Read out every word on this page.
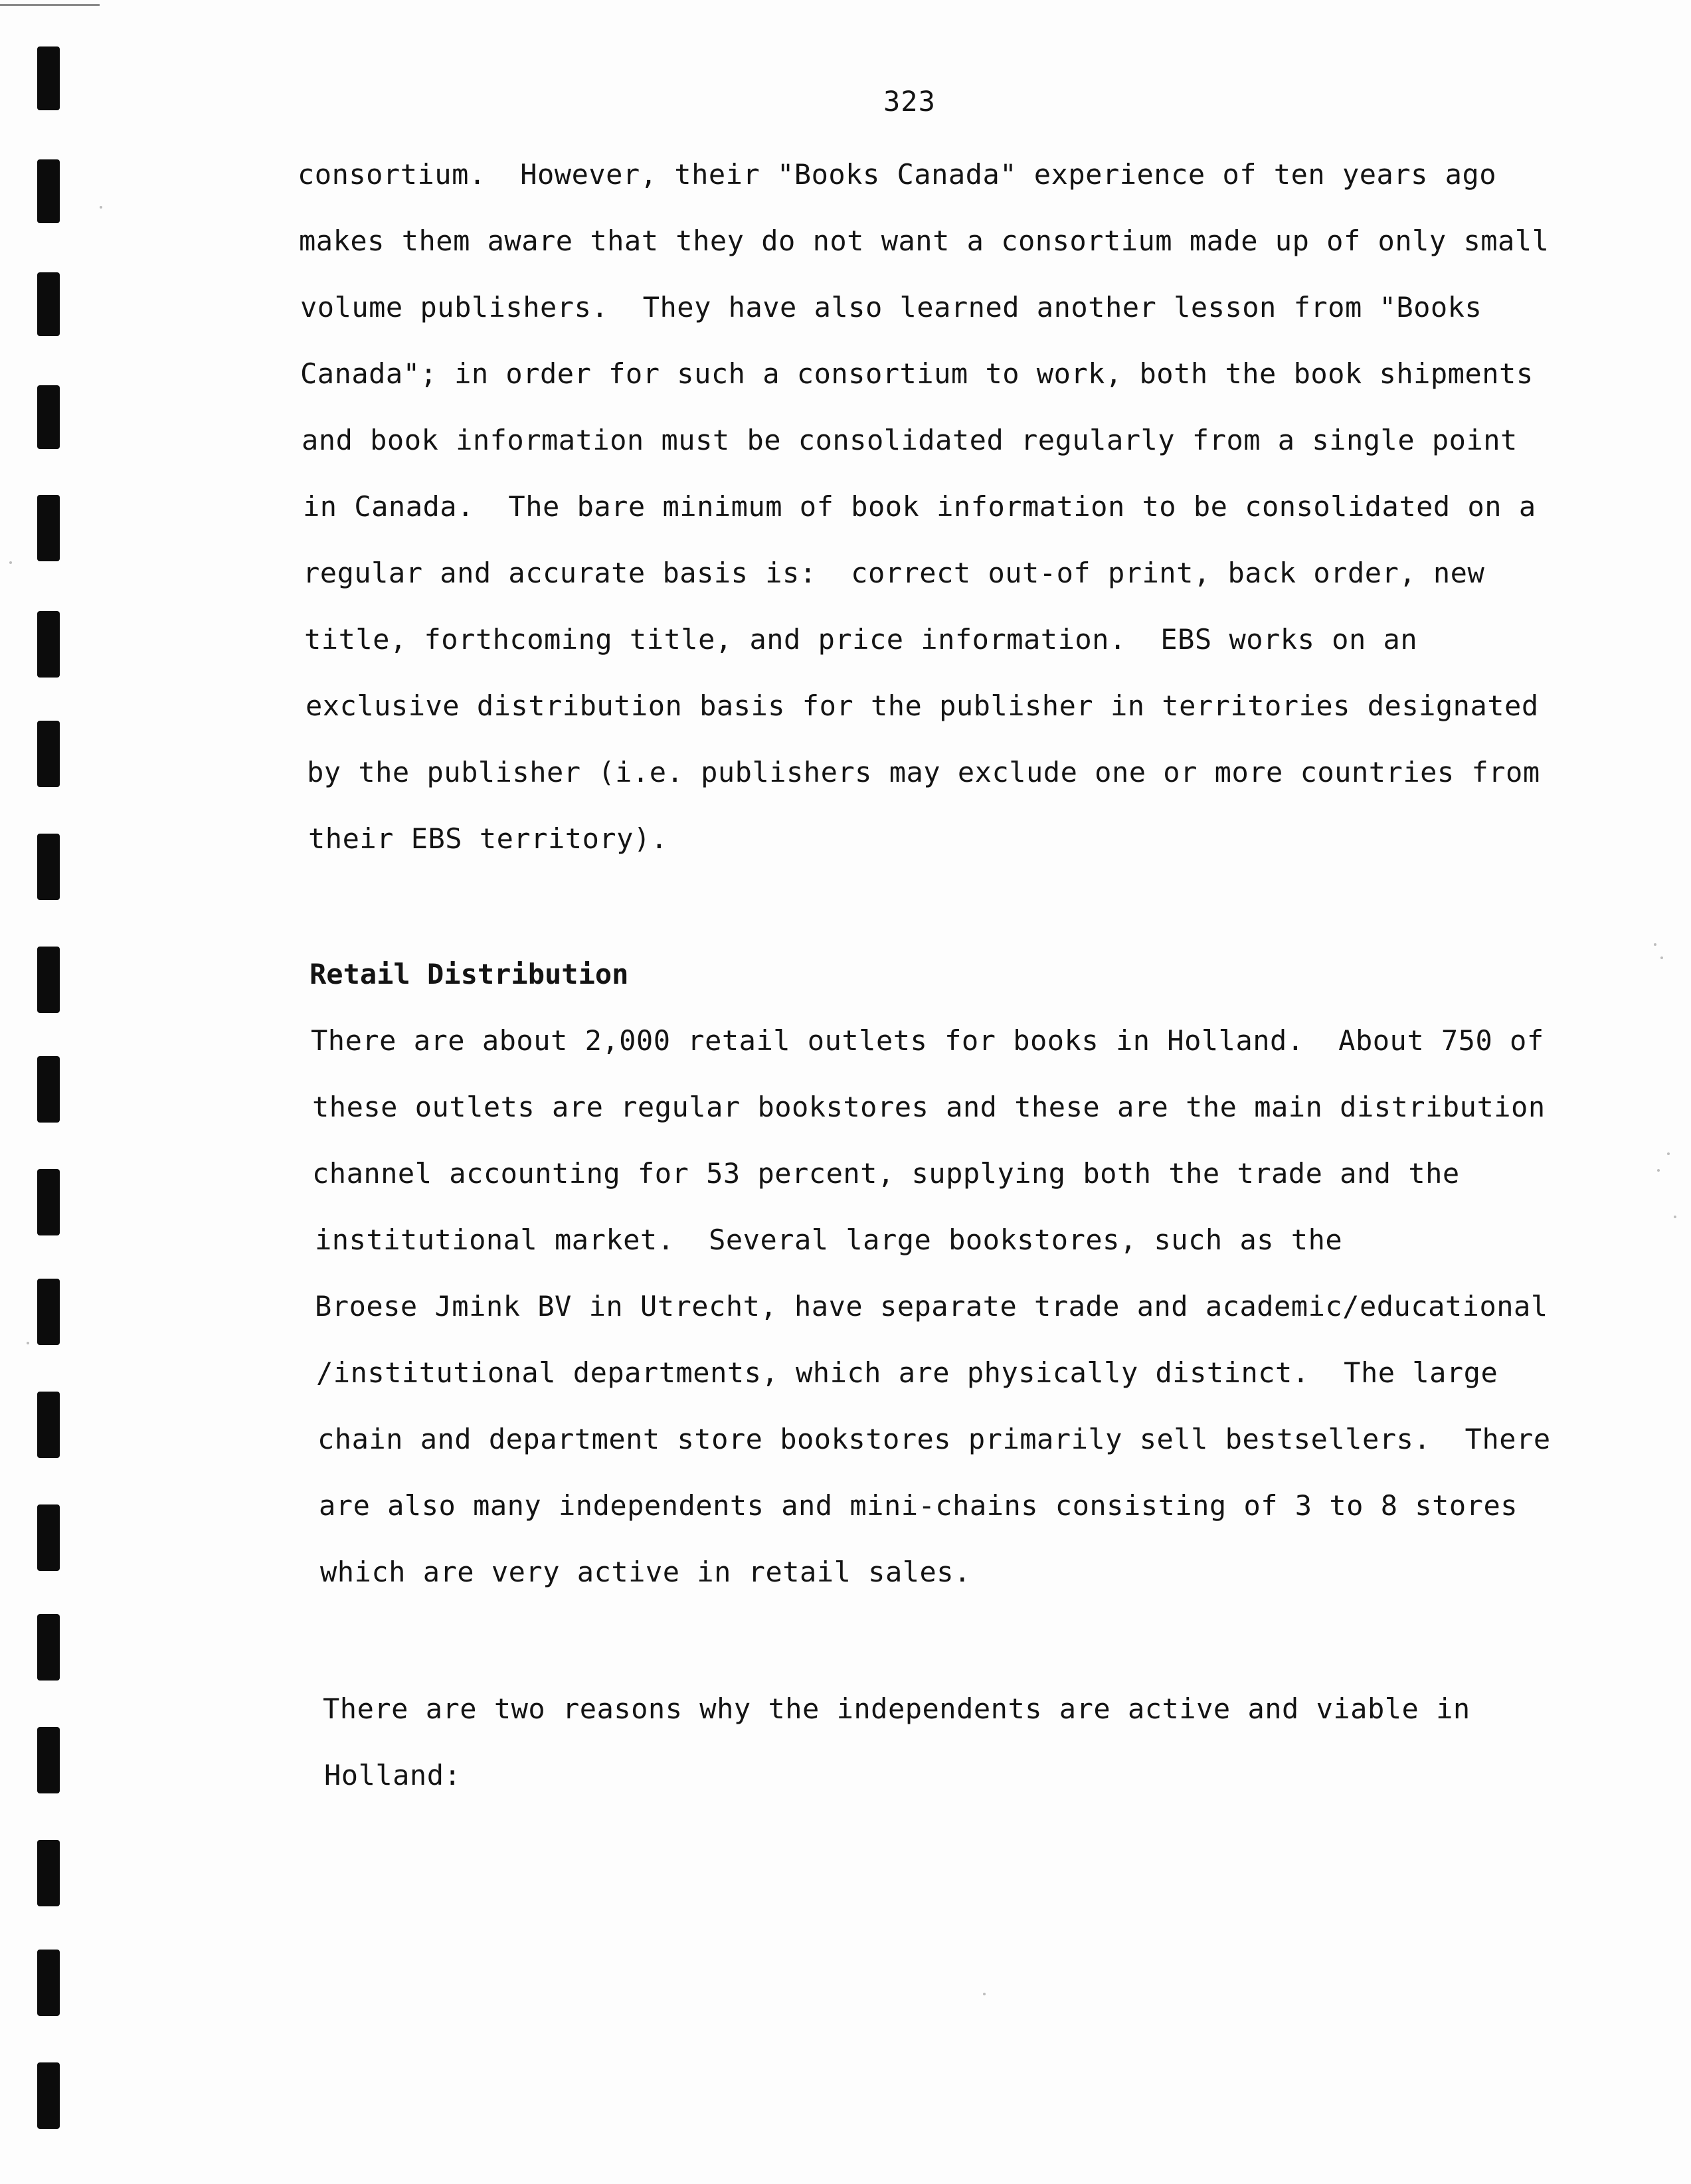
323
consortium.  However, their "Books Canada" experience of ten years ago
makes them aware that they do not want a consortium made up of only small
volume publishers.  They have also learned another lesson from "Books
Canada"; in order for such a consortium to work, both the book shipments
and book information must be consolidated regularly from a single point
in Canada.  The bare minimum of book information to be consolidated on a
regular and accurate basis is:  correct out-of print, back order, new
title, forthcoming title, and price information.  EBS works on an
exclusive distribution basis for the publisher in territories designated
by the publisher (i.e. publishers may exclude one or more countries from
their EBS territory).
Retail Distribution
There are about 2,000 retail outlets for books in Holland.  About 750 of
these outlets are regular bookstores and these are the main distribution
channel accounting for 53 percent, supplying both the trade and the
institutional market.  Several large bookstores, such as the
Broese Jmink BV in Utrecht, have separate trade and academic/educational
/institutional departments, which are physically distinct.  The large
chain and department store bookstores primarily sell bestsellers.  There
are also many independents and mini-chains consisting of 3 to 8 stores
which are very active in retail sales.
There are two reasons why the independents are active and viable in
Holland:
